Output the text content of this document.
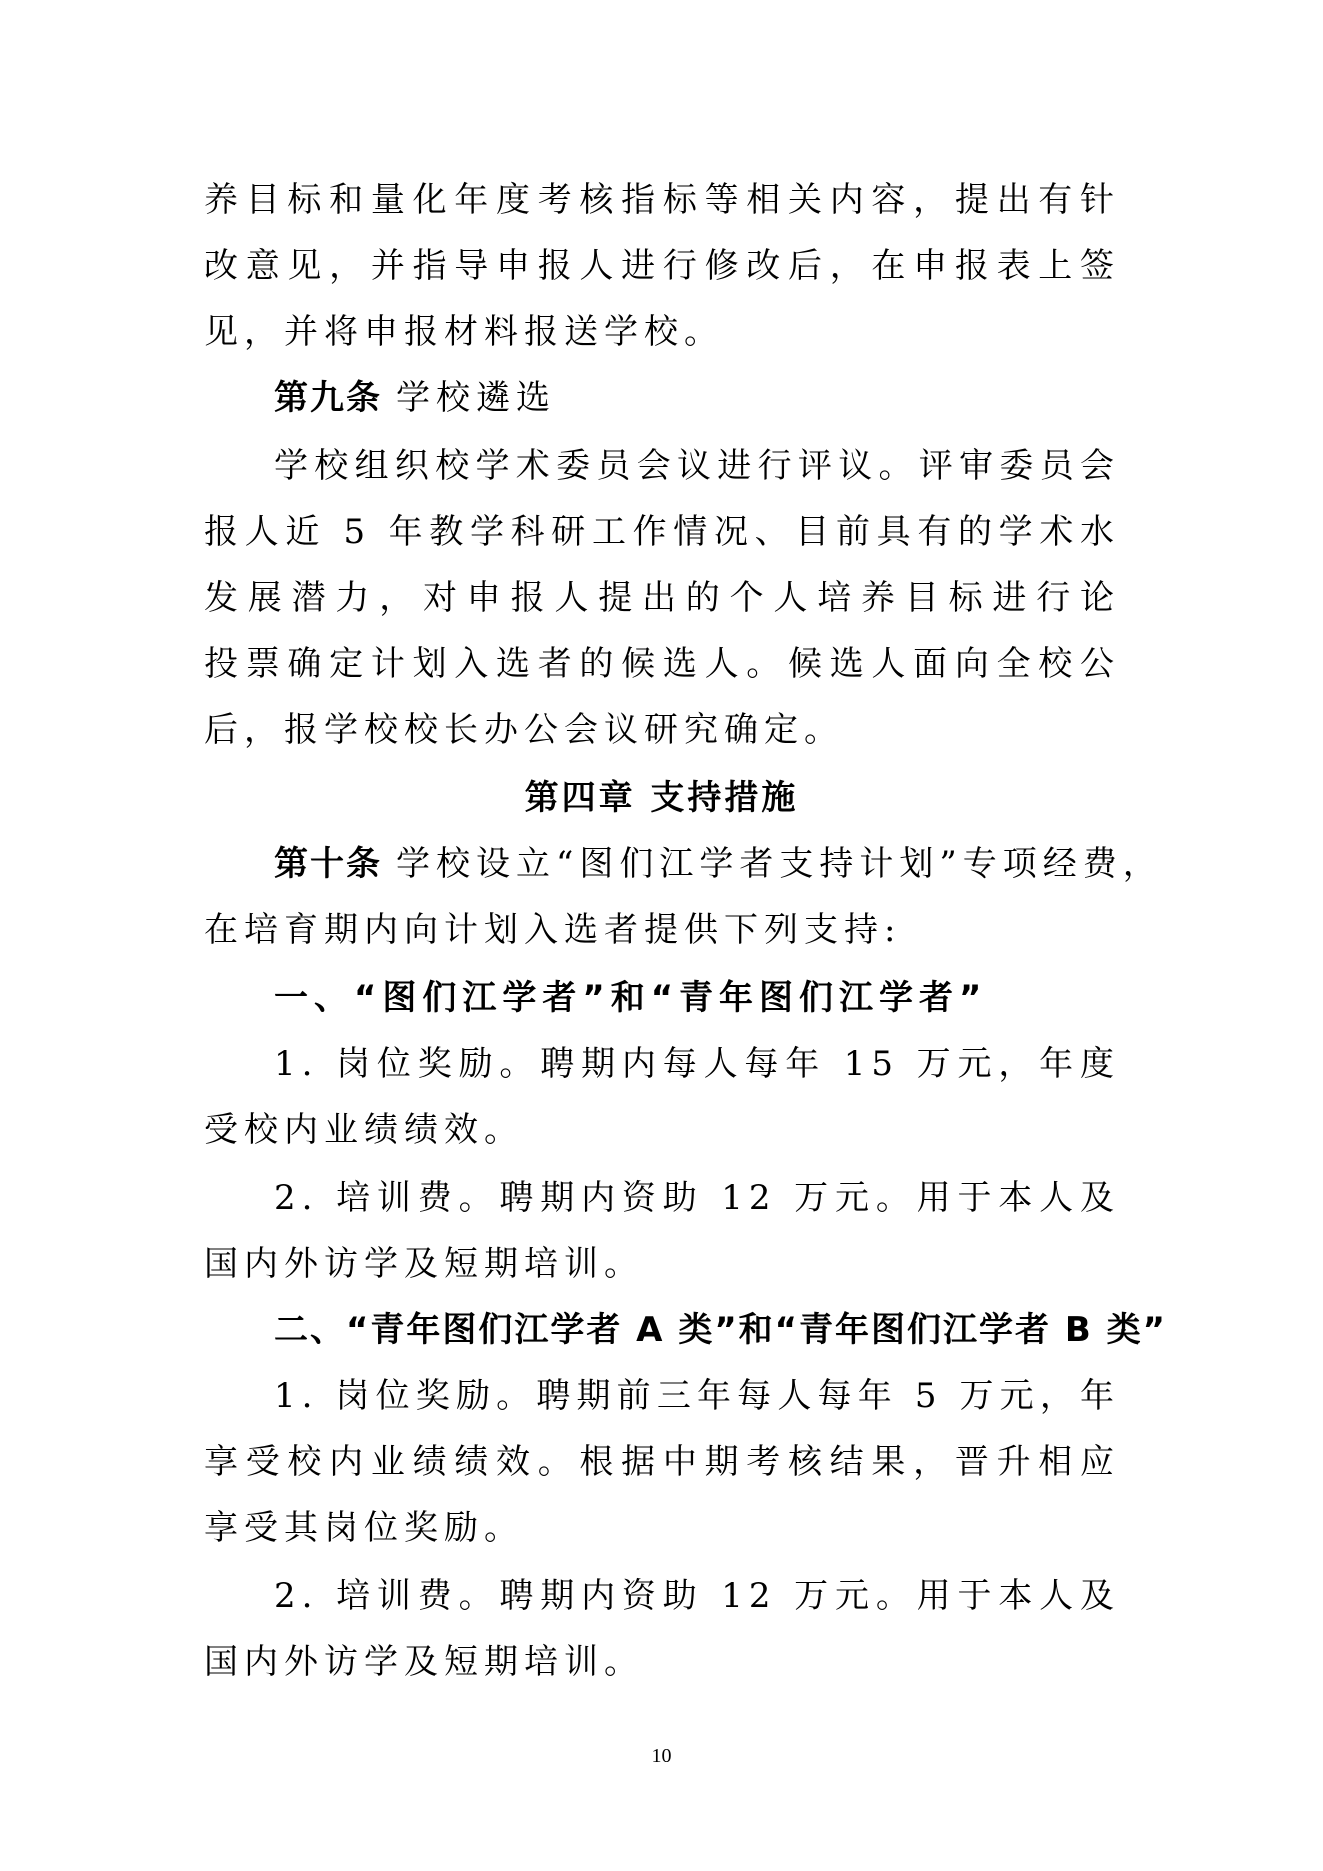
养目标和量化年度考核指标等相关内容，提出有针
改意见，并指导申报人进行修改后，在申报表上签
见，并将申报材料报送学校。
第九条 学校遴选
学校组织校学术委员会议进行评议。评审委员会
报人近 5 年教学科研工作情况、目前具有的学术水
发展潜力，对申报人提出的个人培养目标进行论
投票确定计划入选者的候选人。候选人面向全校公
后，报学校校长办公会议研究确定。
第四章 支持措施
第十条 学校设立“图们江学者支持计划”专项经费，
在培育期内向计划入选者提供下列支持:
一、“图们江学者”和“青年图们江学者”
1. 岗位奖励。聘期内每人每年 15 万元，年度
受校内业绩绩效。
2. 培训费。聘期内资助 12 万元。用于本人及
国内外访学及短期培训。
二、“青年图们江学者 A 类”和“青年图们江学者 B 类”
1. 岗位奖励。聘期前三年每人每年 5 万元，年
享受校内业绩绩效。根据中期考核结果，晋升相应
享受其岗位奖励。
2. 培训费。聘期内资助 12 万元。用于本人及
国内外访学及短期培训。
10
